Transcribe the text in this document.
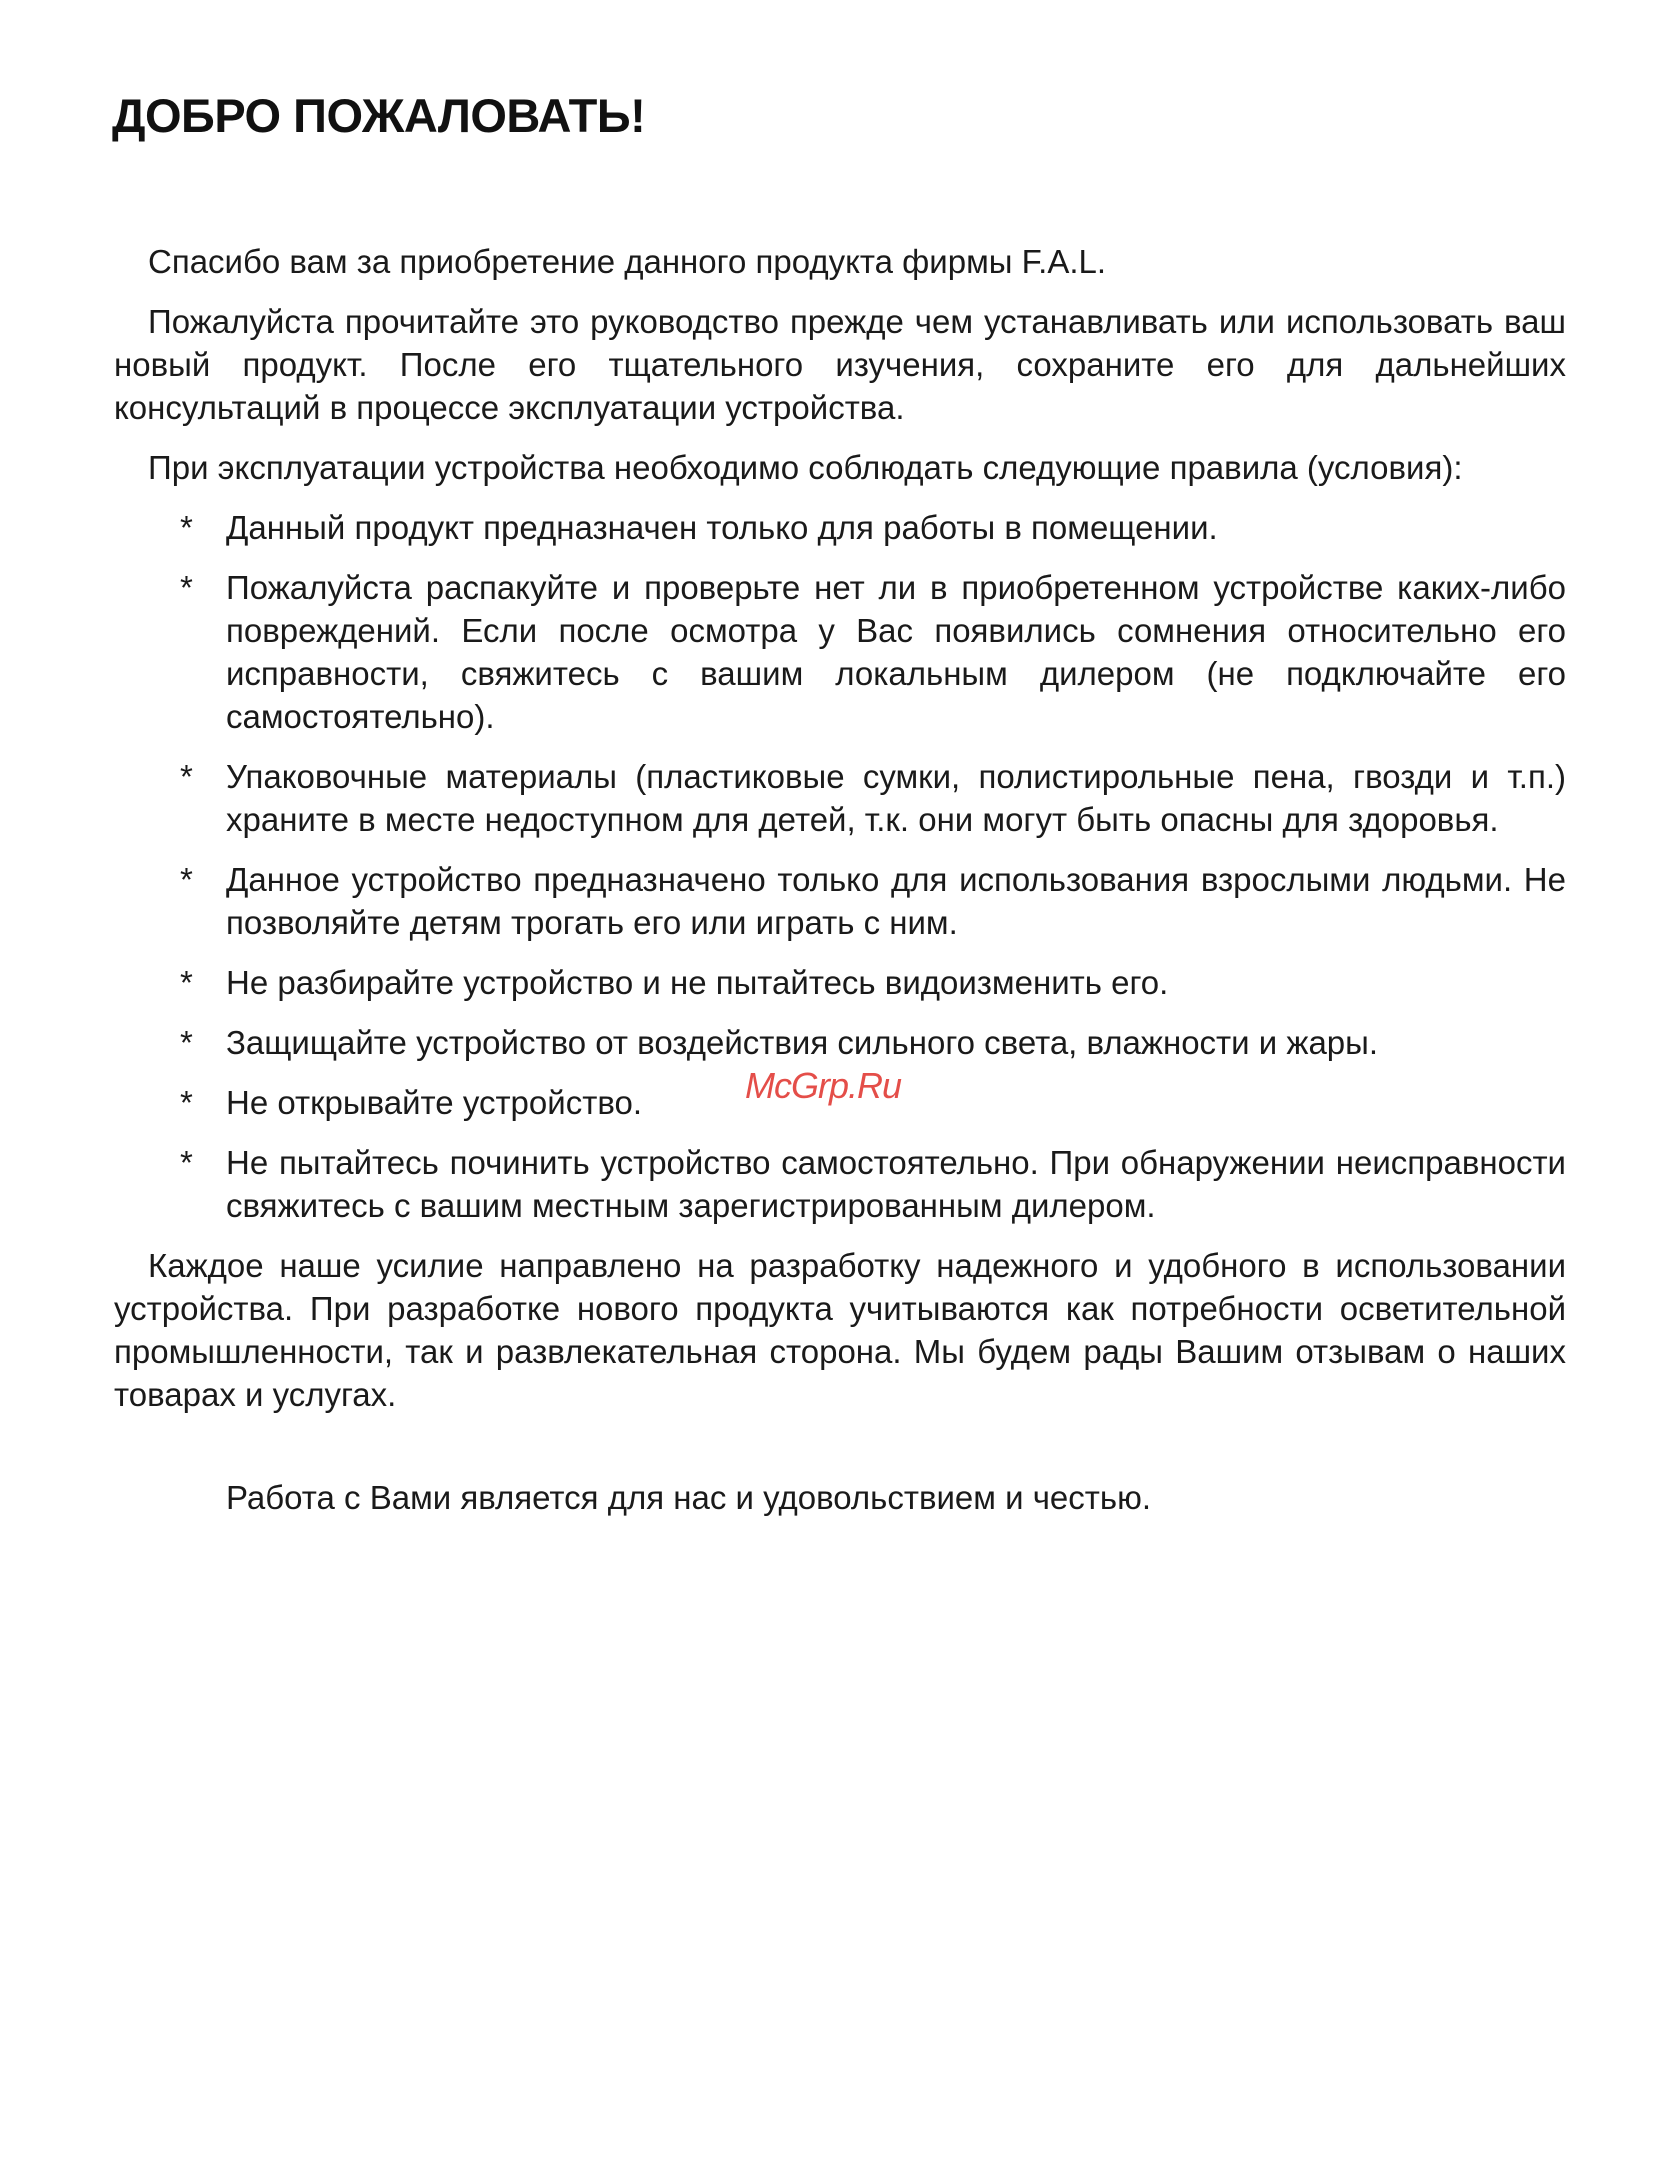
ДОБРО ПОЖАЛОВАТЬ!

Спасибо вам за приобретение данного продукта фирмы F.A.L.

Пожалуйста прочитайте это руководство прежде чем устанавливать или использовать ваш новый продукт. После его тщательного изучения, сохраните его для дальнейших консультаций в процессе эксплуатации устройства.

При эксплуатации устройства необходимо соблюдать следующие правила (условия):

* Данный продукт предназначен только для работы в помещении.
* Пожалуйста распакуйте и проверьте нет ли в приобретенном устройстве каких-либо повреждений. Если после осмотра у Вас появились сомнения относительно его исправности, свяжитесь с вашим локальным дилером (не подключайте его самостоятельно).
* Упаковочные материалы (пластиковые сумки, полистирольные пена, гвозди и т.п.) храните в месте недоступном для детей, т.к. они могут быть опасны для здоровья.
* Данное устройство предназначено только для использования взрослыми людьми. Не позволяйте детям трогать его или играть с ним.
* Не разбирайте устройство и не пытайтесь видоизменить его.
* Защищайте устройство от воздействия сильного света, влажности и жары.
* Не открывайте устройство.
* Не пытайтесь починить устройство самостоятельно. При обнаружении неисправности свяжитесь с вашим местным зарегистрированным дилером.

Каждое наше усилие направлено на разработку надежного и удобного в использовании устройства. При разработке нового продукта учитываются как потребности осветительной промышленности, так и развлекательная сторона. Мы будем рады Вашим отзывам о наших товарах и услугах.

Работа с Вами является для нас и удовольствием и честью.

McGrp.Ru
